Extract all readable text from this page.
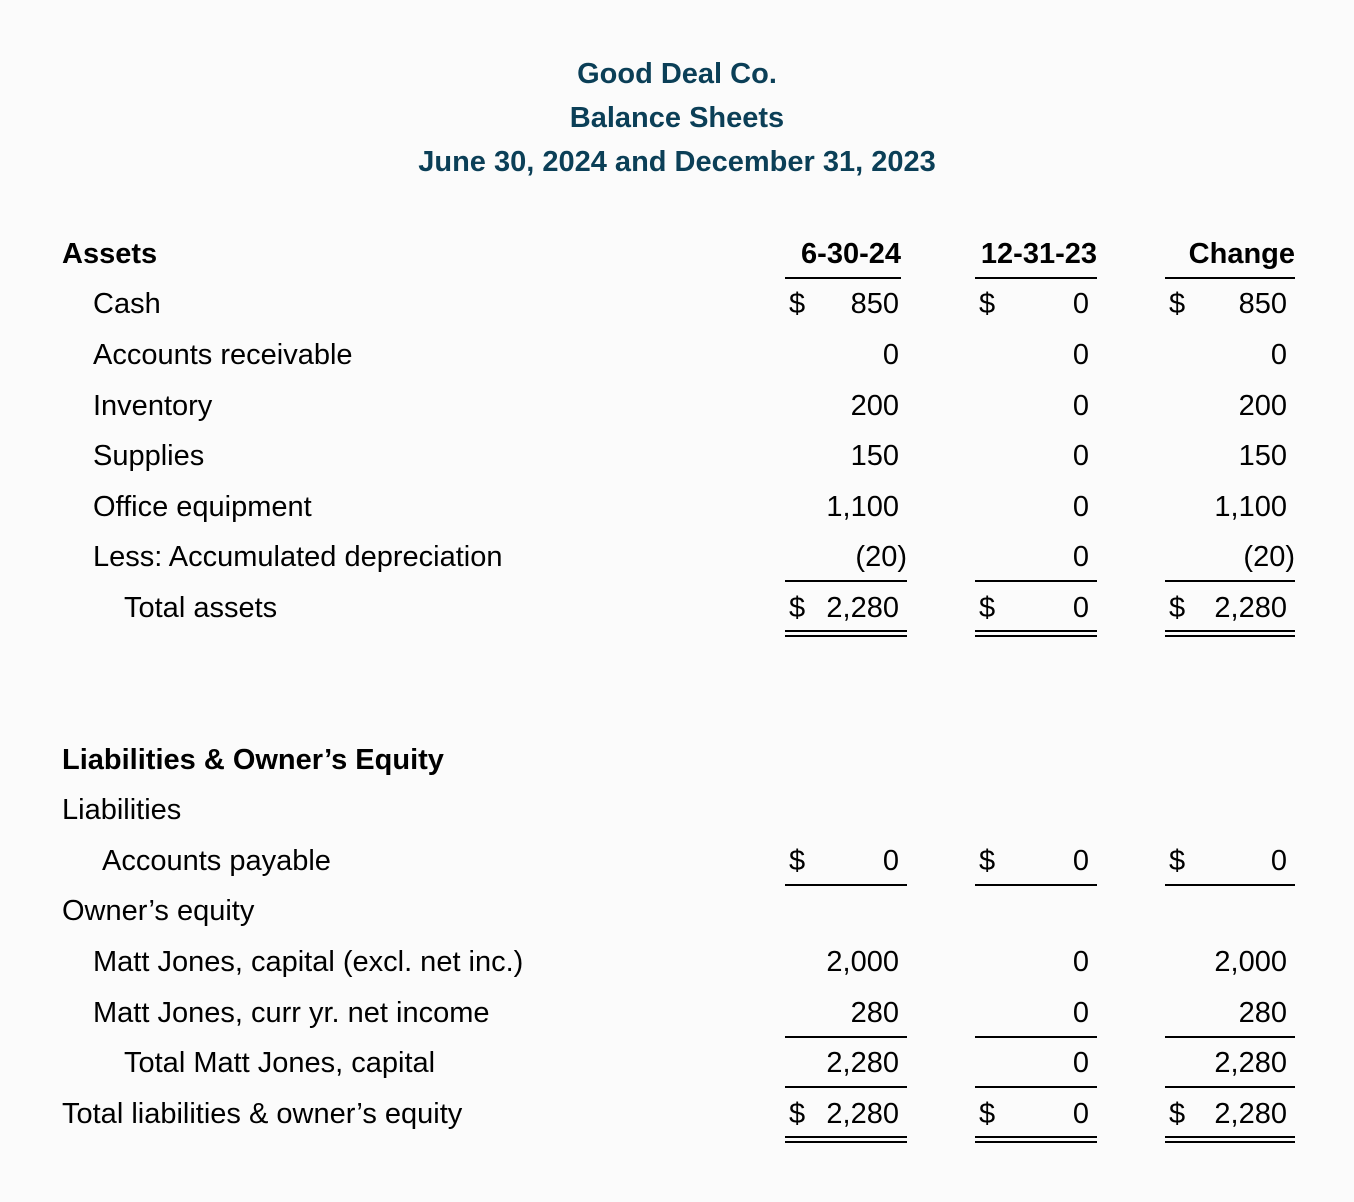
Good Deal Co.
Balance Sheets
June 30, 2024 and December 31, 2023
Assets	6-30-24	12-31-23	Change
Cash	$ 850	$	0	$ 850
Accounts receivable	0	0	0
Inventory	200	0	200
Supplies	150	0	150
Office equipment	1,100	0	1,100
Less: Accumulated depreciation	(20)	0	(20)
Total assets	$ 2,280	$	0	$ 2,280
Liabilities & Owner’s Equity
Liabilities
Accounts payable	$	0	$	0	$	0
Owner’s equity
Matt Jones, capital (excl. net inc.)	2,000	0	2,000
Matt Jones, curr yr. net income	280	0	280
Total Matt Jones, capital	2,280	0	2,280
Total liabilities & owner’s equity	$ 2,280	$	0	$ 2,280
